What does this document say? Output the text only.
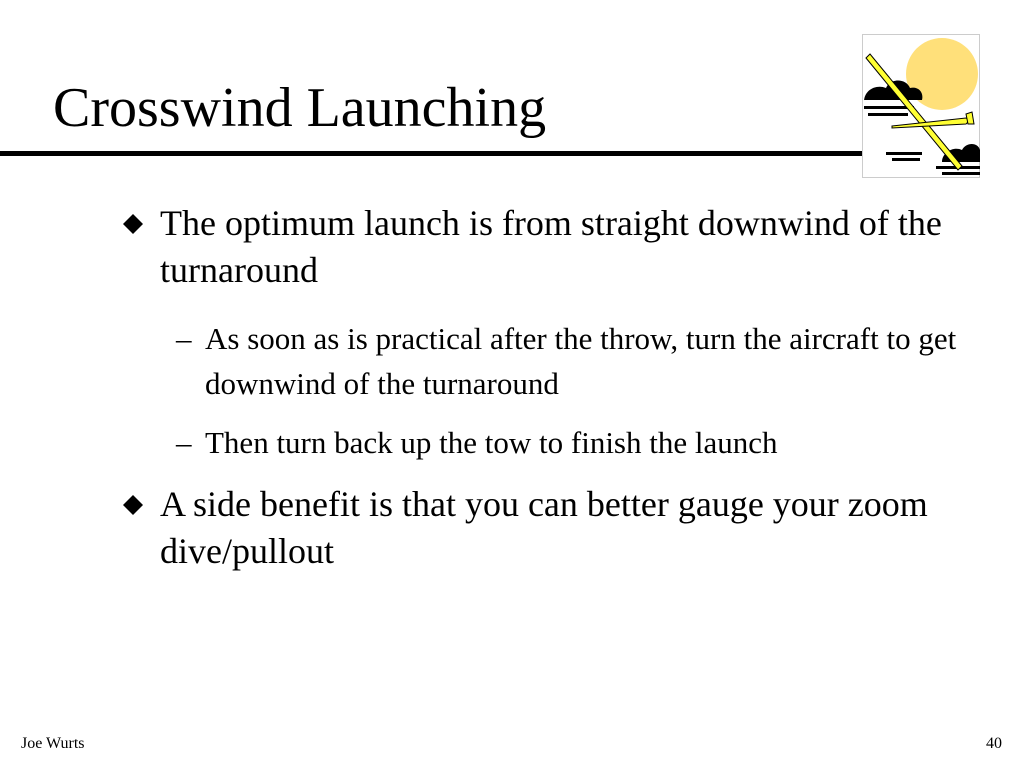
Crosswind Launching
The optimum launch is from straight downwind of the turnaround
– As soon as is practical after the throw, turn the aircraft to get downwind of the turnaround
– Then turn back up the tow to finish the launch
A side benefit is that you can better gauge your zoom dive/pullout
Joe Wurts	40
